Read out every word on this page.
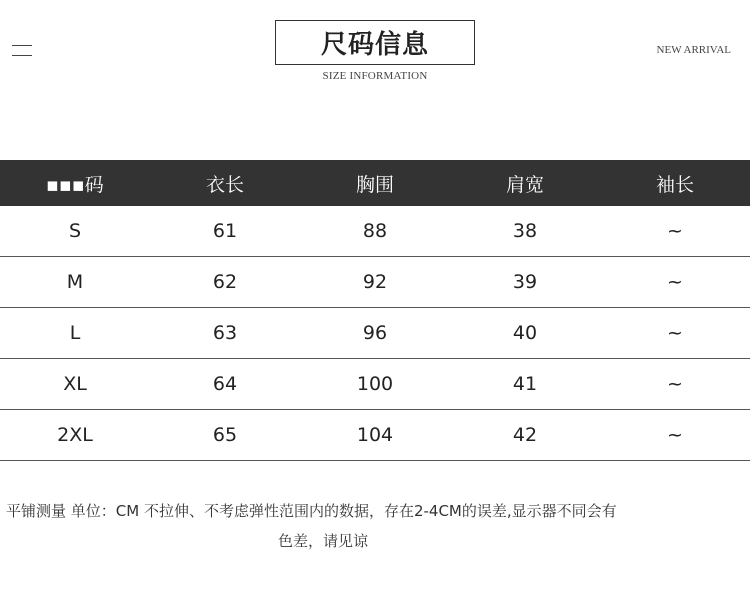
尺码信息
SIZE INFORMATION
NEW ARRIVAL
▪▪▪码	衣长	胸围	肩宽	袖长
S	61	88	38	~
M	62	92	39	~
L	63	96	40	~
XL	64	100	41	~
2XL	65	104	42	~
平铺测量 单位：CM 不拉伸、不考虑弹性范围内的数据，存在2-4CM的误差,显示器不同会有
色差，请见谅
